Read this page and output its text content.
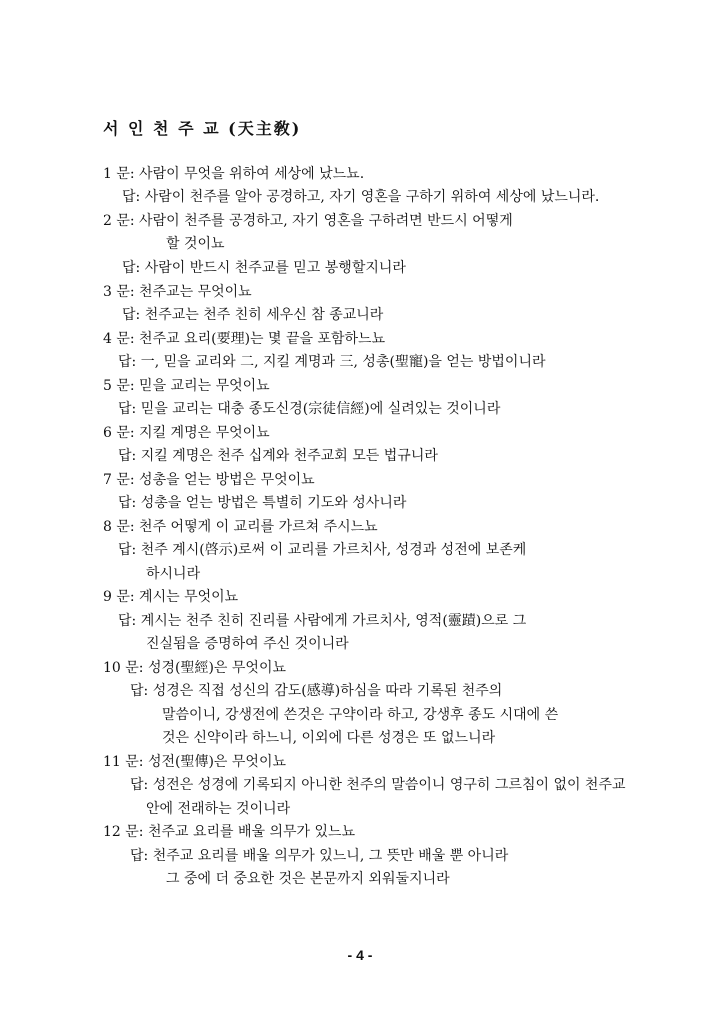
서 인 천 주 교 (天主敎)
1 문: 사람이 무엇을 위하여 세상에 났느뇨.
답: 사람이 천주를 알아 공경하고, 자기 영혼을 구하기 위하여 세상에 났느니라.
2 문: 사람이 천주를 공경하고, 자기 영혼을 구하려면 반드시 어떻게
할 것이뇨
답: 사람이 반드시 천주교를 믿고 봉행할지니라
3 문: 천주교는 무엇이뇨
답: 천주교는 천주 친히 세우신 참 종교니라
4 문: 천주교 요리(要理)는 몇 끝을 포함하느뇨
답: 一, 믿을 교리와 二, 지킬 계명과 三, 성총(聖寵)을 얻는 방법이니라
5 문: 믿을 교리는 무엇이뇨
답: 믿을 교리는 대충 종도신경(宗徒信經)에 실려있는 것이니라
6 문: 지킬 계명은 무엇이뇨
답: 지킬 계명은 천주 십계와 천주교회 모든 법규니라
7 문: 성총을 얻는 방법은 무엇이뇨
답: 성총을 얻는 방법은 특별히 기도와 성사니라
8 문: 천주 어떻게 이 교리를 가르쳐 주시느뇨
답: 천주 계시(啓示)로써 이 교리를 가르치사, 성경과 성전에 보존케
하시니라
9 문: 계시는 무엇이뇨
답: 계시는 천주 친히 진리를 사람에게 가르치사, 영적(靈蹟)으로 그
진실됨을 증명하여 주신 것이니라
10 문: 성경(聖經)은 무엇이뇨
답: 성경은 직접 성신의 감도(感導)하심을 따라 기록된 천주의
말씀이니, 강생전에 쓴것은 구약이라 하고, 강생후 종도 시대에 쓴
것은 신약이라 하느니, 이외에 다른 성경은 또 없느니라
11 문: 성전(聖傳)은 무엇이뇨
답: 성전은 성경에 기록되지 아니한 천주의 말씀이니 영구히 그르침이 없이 천주교
안에 전래하는 것이니라
12 문: 천주교 요리를 배울 의무가 있느뇨
답: 천주교 요리를 배울 의무가 있느니, 그 뜻만 배울 뿐 아니라
그 중에 더 중요한 것은 본문까지 외워둘지니라
- 4 -
